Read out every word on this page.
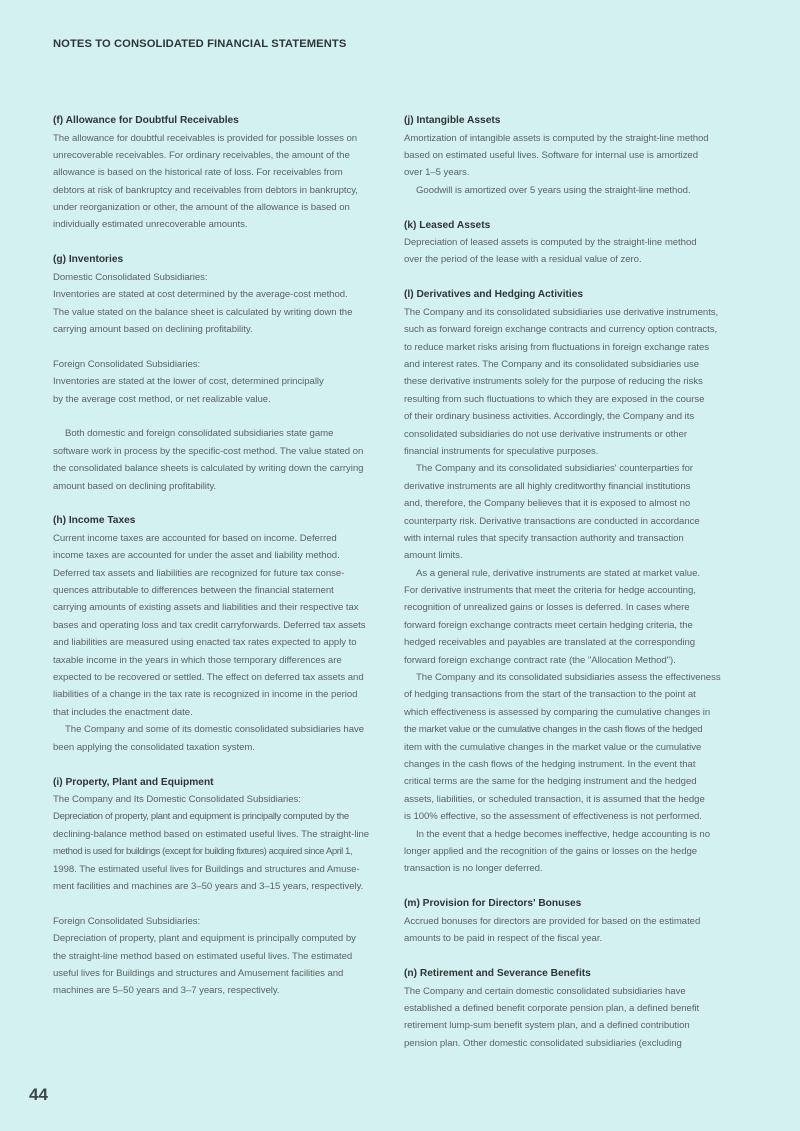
NOTES TO CONSOLIDATED FINANCIAL STATEMENTS
(f) Allowance for Doubtful Receivables
The allowance for doubtful receivables is provided for possible losses on
unrecoverable receivables. For ordinary receivables, the amount of the
allowance is based on the historical rate of loss. For receivables from
debtors at risk of bankruptcy and receivables from debtors in bankruptcy,
under reorganization or other, the amount of the allowance is based on
individually estimated unrecoverable amounts.
(g) Inventories
Domestic Consolidated Subsidiaries:
Inventories are stated at cost determined by the average-cost method.
The value stated on the balance sheet is calculated by writing down the
carrying amount based on declining profitability.
Foreign Consolidated Subsidiaries:
Inventories are stated at the lower of cost, determined principally
by the average cost method, or net realizable value.
Both domestic and foreign consolidated subsidiaries state game
software work in process by the specific-cost method. The value stated on
the consolidated balance sheets is calculated by writing down the carrying
amount based on declining profitability.
(h) Income Taxes
Current income taxes are accounted for based on income. Deferred
income taxes are accounted for under the asset and liability method.
Deferred tax assets and liabilities are recognized for future tax conse-
quences attributable to differences between the financial statement
carrying amounts of existing assets and liabilities and their respective tax
bases and operating loss and tax credit carryforwards. Deferred tax assets
and liabilities are measured using enacted tax rates expected to apply to
taxable income in the years in which those temporary differences are
expected to be recovered or settled. The effect on deferred tax assets and
liabilities of a change in the tax rate is recognized in income in the period
that includes the enactment date.
The Company and some of its domestic consolidated subsidiaries have
been applying the consolidated taxation system.
(i) Property, Plant and Equipment
The Company and Its Domestic Consolidated Subsidiaries:
Depreciation of property, plant and equipment is principally computed by the
declining-balance method based on estimated useful lives. The straight-line
method is used for buildings (except for building fixtures) acquired since April 1,
1998. The estimated useful lives for Buildings and structures and Amuse-
ment facilities and machines are 3–50 years and 3–15 years, respectively.
Foreign Consolidated Subsidiaries:
Depreciation of property, plant and equipment is principally computed by
the straight-line method based on estimated useful lives. The estimated
useful lives for Buildings and structures and Amusement facilities and
machines are 5–50 years and 3–7 years, respectively.
(j) Intangible Assets
Amortization of intangible assets is computed by the straight-line method
based on estimated useful lives. Software for internal use is amortized
over 1–5 years.
Goodwill is amortized over 5 years using the straight-line method.
(k) Leased Assets
Depreciation of leased assets is computed by the straight-line method
over the period of the lease with a residual value of zero.
(l) Derivatives and Hedging Activities
The Company and its consolidated subsidiaries use derivative instruments,
such as forward foreign exchange contracts and currency option contracts,
to reduce market risks arising from fluctuations in foreign exchange rates
and interest rates. The Company and its consolidated subsidiaries use
these derivative instruments solely for the purpose of reducing the risks
resulting from such fluctuations to which they are exposed in the course
of their ordinary business activities. Accordingly, the Company and its
consolidated subsidiaries do not use derivative instruments or other
financial instruments for speculative purposes.
The Company and its consolidated subsidiaries' counterparties for
derivative instruments are all highly creditworthy financial institutions
and, therefore, the Company believes that it is exposed to almost no
counterparty risk. Derivative transactions are conducted in accordance
with internal rules that specify transaction authority and transaction
amount limits.
As a general rule, derivative instruments are stated at market value.
For derivative instruments that meet the criteria for hedge accounting,
recognition of unrealized gains or losses is deferred. In cases where
forward foreign exchange contracts meet certain hedging criteria, the
hedged receivables and payables are translated at the corresponding
forward foreign exchange contract rate (the "Allocation Method").
The Company and its consolidated subsidiaries assess the effectiveness
of hedging transactions from the start of the transaction to the point at
which effectiveness is assessed by comparing the cumulative changes in
the market value or the cumulative changes in the cash flows of the hedged
item with the cumulative changes in the market value or the cumulative
changes in the cash flows of the hedging instrument. In the event that
critical terms are the same for the hedging instrument and the hedged
assets, liabilities, or scheduled transaction, it is assumed that the hedge
is 100% effective, so the assessment of effectiveness is not performed.
In the event that a hedge becomes ineffective, hedge accounting is no
longer applied and the recognition of the gains or losses on the hedge
transaction is no longer deferred.
(m) Provision for Directors' Bonuses
Accrued bonuses for directors are provided for based on the estimated
amounts to be paid in respect of the fiscal year.
(n) Retirement and Severance Benefits
The Company and certain domestic consolidated subsidiaries have
established a defined benefit corporate pension plan, a defined benefit
retirement lump-sum benefit system plan, and a defined contribution
pension plan. Other domestic consolidated subsidiaries (excluding
44
